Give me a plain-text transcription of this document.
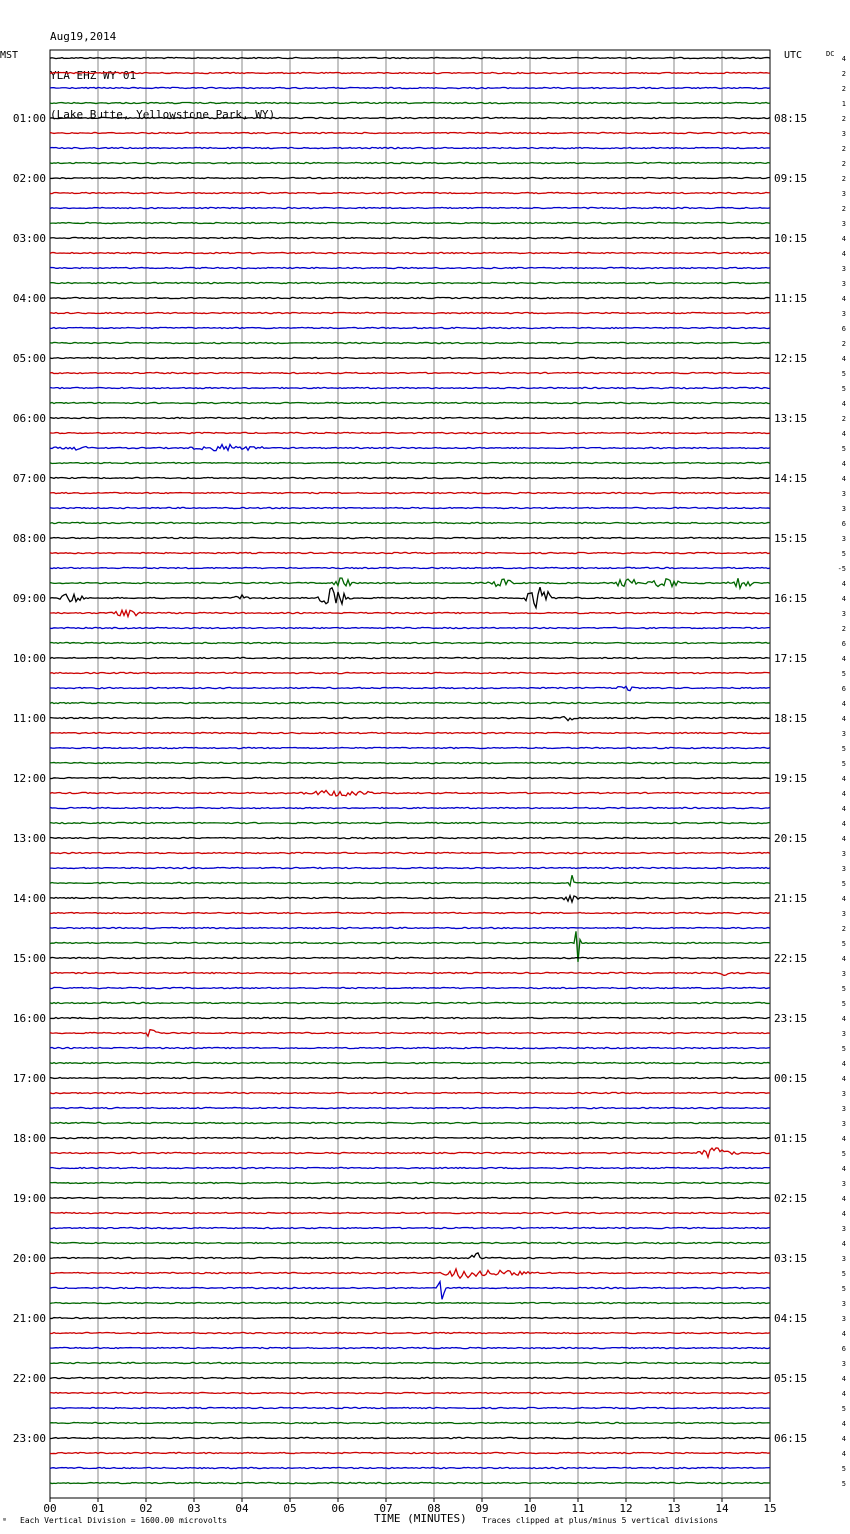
Aug19,2014

YLA EHZ WY 01

(Lake Butte, Yellowstone Park, WY)

MST	UTC	DC
01:00
02:00
03:00
04:00
05:00
06:00
07:00
08:00
09:00
10:00
11:00
12:00
13:00
14:00
15:00
16:00
17:00
18:00
19:00
20:00
21:00
22:00
23:00
08:15
09:15
10:15
11:15
12:15
13:15
14:15
15:15
16:15
17:15
18:15
19:15
20:15
21:15
22:15
23:15
00:15
01:15
02:15
03:15
04:15
05:15
06:15
4
2
2
1
2
3
2
2
2
3
2
3
4
4
3
3
4
3
6
2
4
5
5
4
2
4
5
4
4
3
3
6
3
5
-5
4
4
3
2
6
4
5
6
4
4
3
5
5
4
4
4
4
4
3
3
5
4
3
2
5
4
3
5
5
4
3
5
4
4
3
3
3
4
5
4
3
4
4
3
4
3
5
5
3
3
4
6
3
4
4
5
4
4
4
5
5
00	01	02	03	04	05	06	07	08	09	10	11	12	13	14	15
TIME (MINUTES)
ᵚ Each Vertical Division = 1600.00 microvolts	Traces clipped at plus/minus 5 vertical divisions
